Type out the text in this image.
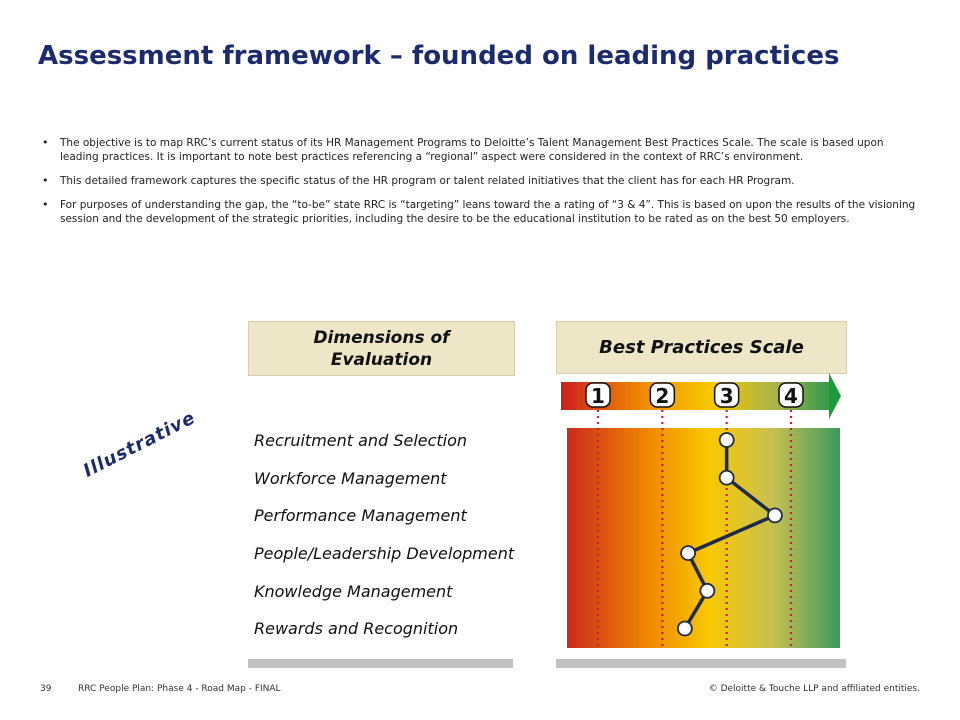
Assessment framework – founded on leading practices
• The objective is to map RRC’s current status of its HR Management Programs to Deloitte’s Talent Management Best Practices Scale. The scale is based upon leading practices. It is important to note best practices referencing a “regional” aspect were considered in the context of RRC’s environment.
• This detailed framework captures the specific status of the HR program or talent related initiatives that the client has for each HR Program.
• For purposes of understanding the gap, the “to-be” state RRC is “targeting” leans toward the a rating of “3 & 4”. This is based on upon the results of the visioning session and the development of the strategic priorities, including the desire to be the educational institution to be rated as on the best 50 employers.
Dimensions of Evaluation
Best Practices Scale
Illustrative	Recruitment and Selection
Workforce Management
Performance Management
People/Leadership Development
Knowledge Management
Rewards and Recognition
1	2	3	4
39	RRC People Plan: Phase 4 - Road Map - FINAL	© Deloitte & Touche LLP and affiliated entities.
